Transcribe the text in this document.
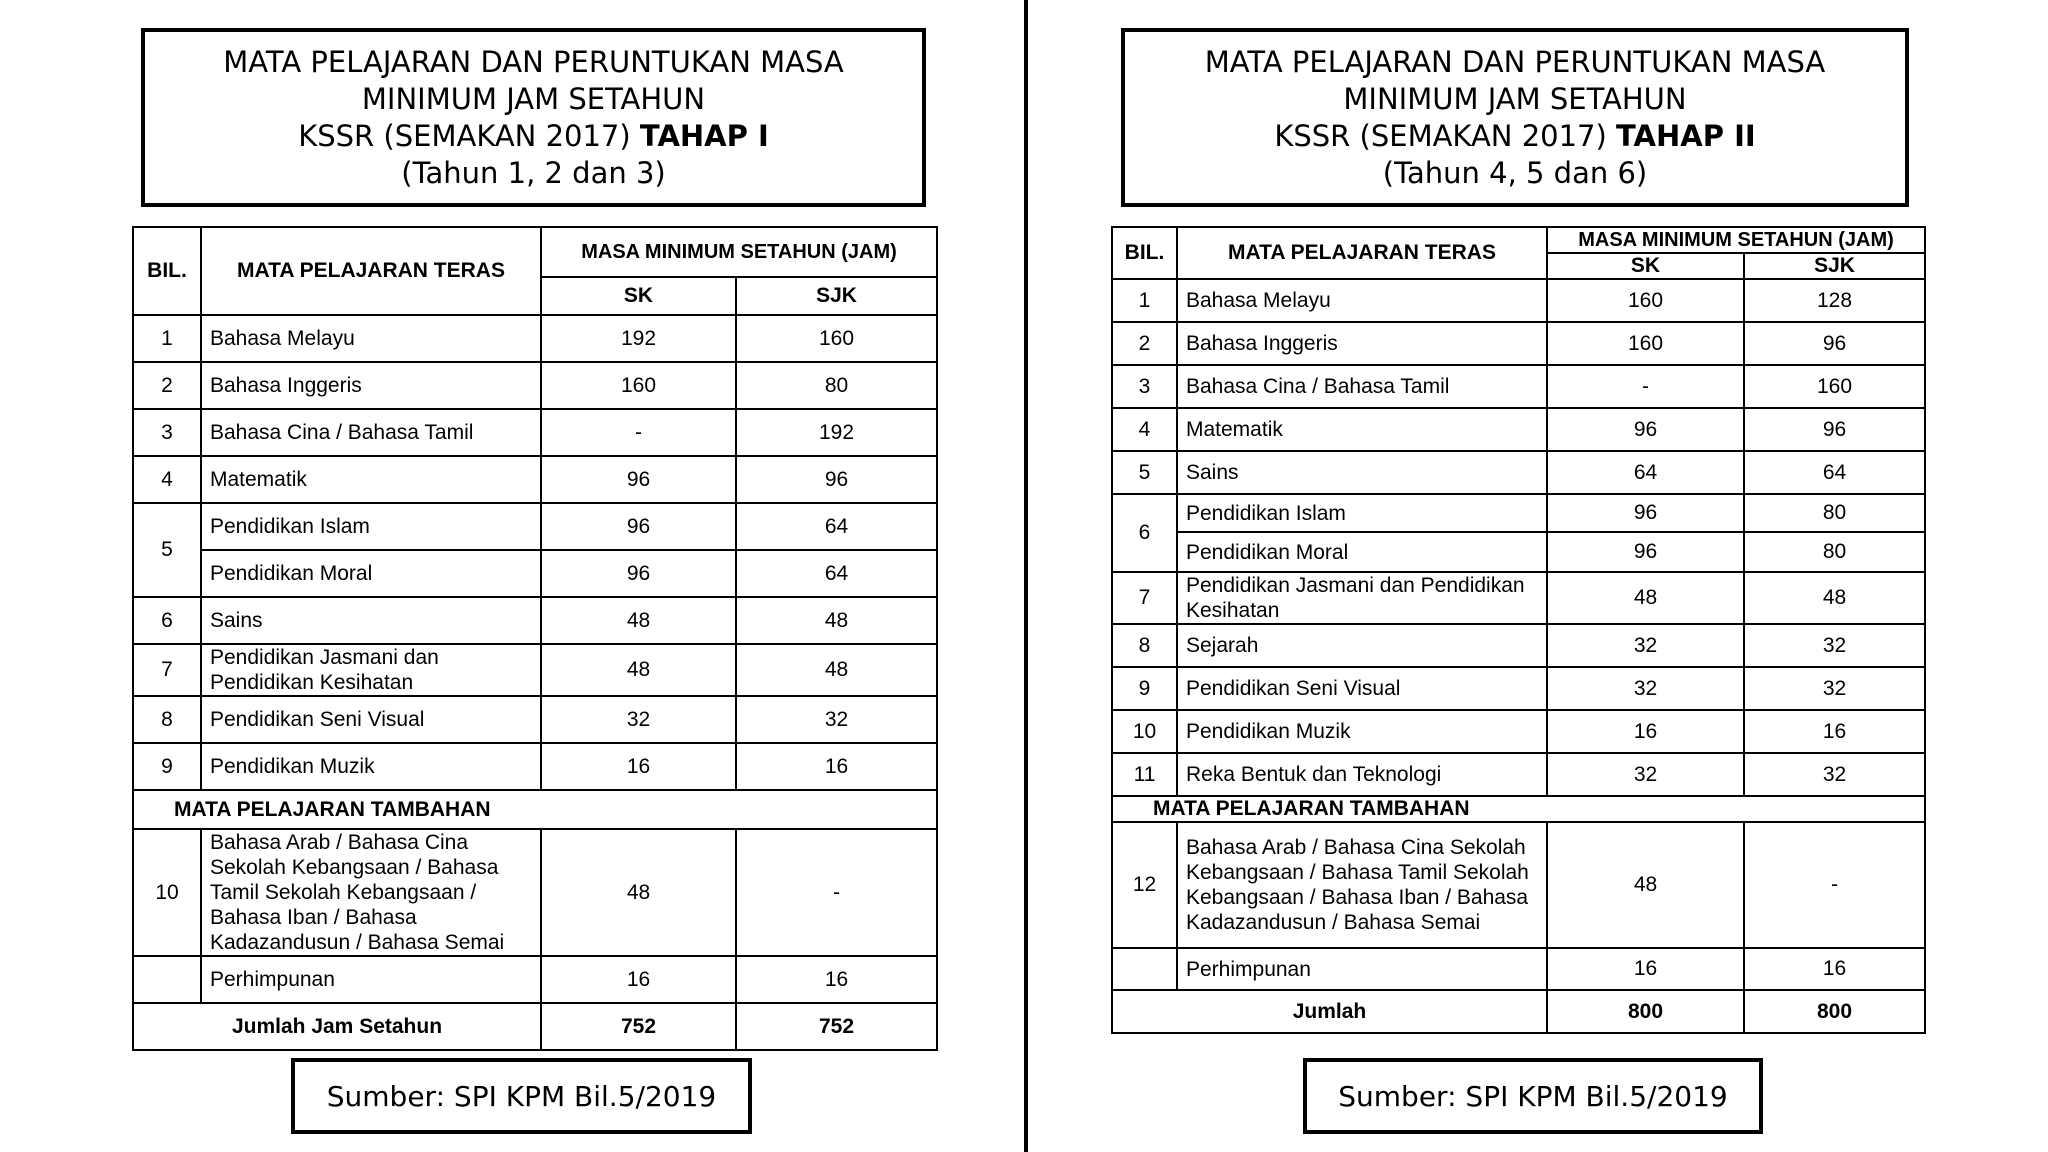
MATA PELAJARAN DAN PERUNTUKAN MASA
MINIMUM JAM SETAHUN
KSSR (SEMAKAN 2017) TAHAP I
(Tahun 1, 2 dan 3)
BIL.	MATA PELAJARAN TERAS	MASA MINIMUM SETAHUN (JAM)	
		SK	SJK
1	Bahasa Melayu	192	160
2	Bahasa Inggeris	160	80
3	Bahasa Cina / Bahasa Tamil	-	192
4	Matematik	96	96
5	Pendidikan Islam	96	64
	Pendidikan Moral	96	64
6	Sains	48	48
7	Pendidikan Jasmani dan Pendidikan Kesihatan	48	48
8	Pendidikan Seni Visual	32	32
9	Pendidikan Muzik	16	16
MATA PELAJARAN TAMBAHAN			
10	Bahasa Arab / Bahasa Cina Sekolah Kebangsaan / Bahasa Tamil Sekolah Kebangsaan / Bahasa Iban / Bahasa Kadazandusun / Bahasa Semai	48	-
	Perhimpunan	16	16
Jumlah Jam Setahun		752	752
Sumber: SPI KPM Bil.5/2019
MATA PELAJARAN DAN PERUNTUKAN MASA
MINIMUM JAM SETAHUN
KSSR (SEMAKAN 2017) TAHAP II
(Tahun 4, 5 dan 6)
BIL.	MATA PELAJARAN TERAS	MASA MINIMUM SETAHUN (JAM)	
		SK	SJK
1	Bahasa Melayu	160	128
2	Bahasa Inggeris	160	96
3	Bahasa Cina / Bahasa Tamil	-	160
4	Matematik	96	96
5	Sains	64	64
6	Pendidikan Islam	96	80
	Pendidikan Moral	96	80
7	Pendidikan Jasmani dan Pendidikan Kesihatan	48	48
8	Sejarah	32	32
9	Pendidikan Seni Visual	32	32
10	Pendidikan Muzik	16	16
11	Reka Bentuk dan Teknologi	32	32
MATA PELAJARAN TAMBAHAN			
12	Bahasa Arab / Bahasa Cina Sekolah Kebangsaan / Bahasa Tamil Sekolah Kebangsaan / Bahasa Iban / Bahasa Kadazandusun / Bahasa Semai	48	-
	Perhimpunan	16	16
Jumlah		800	800
Sumber: SPI KPM Bil.5/2019
